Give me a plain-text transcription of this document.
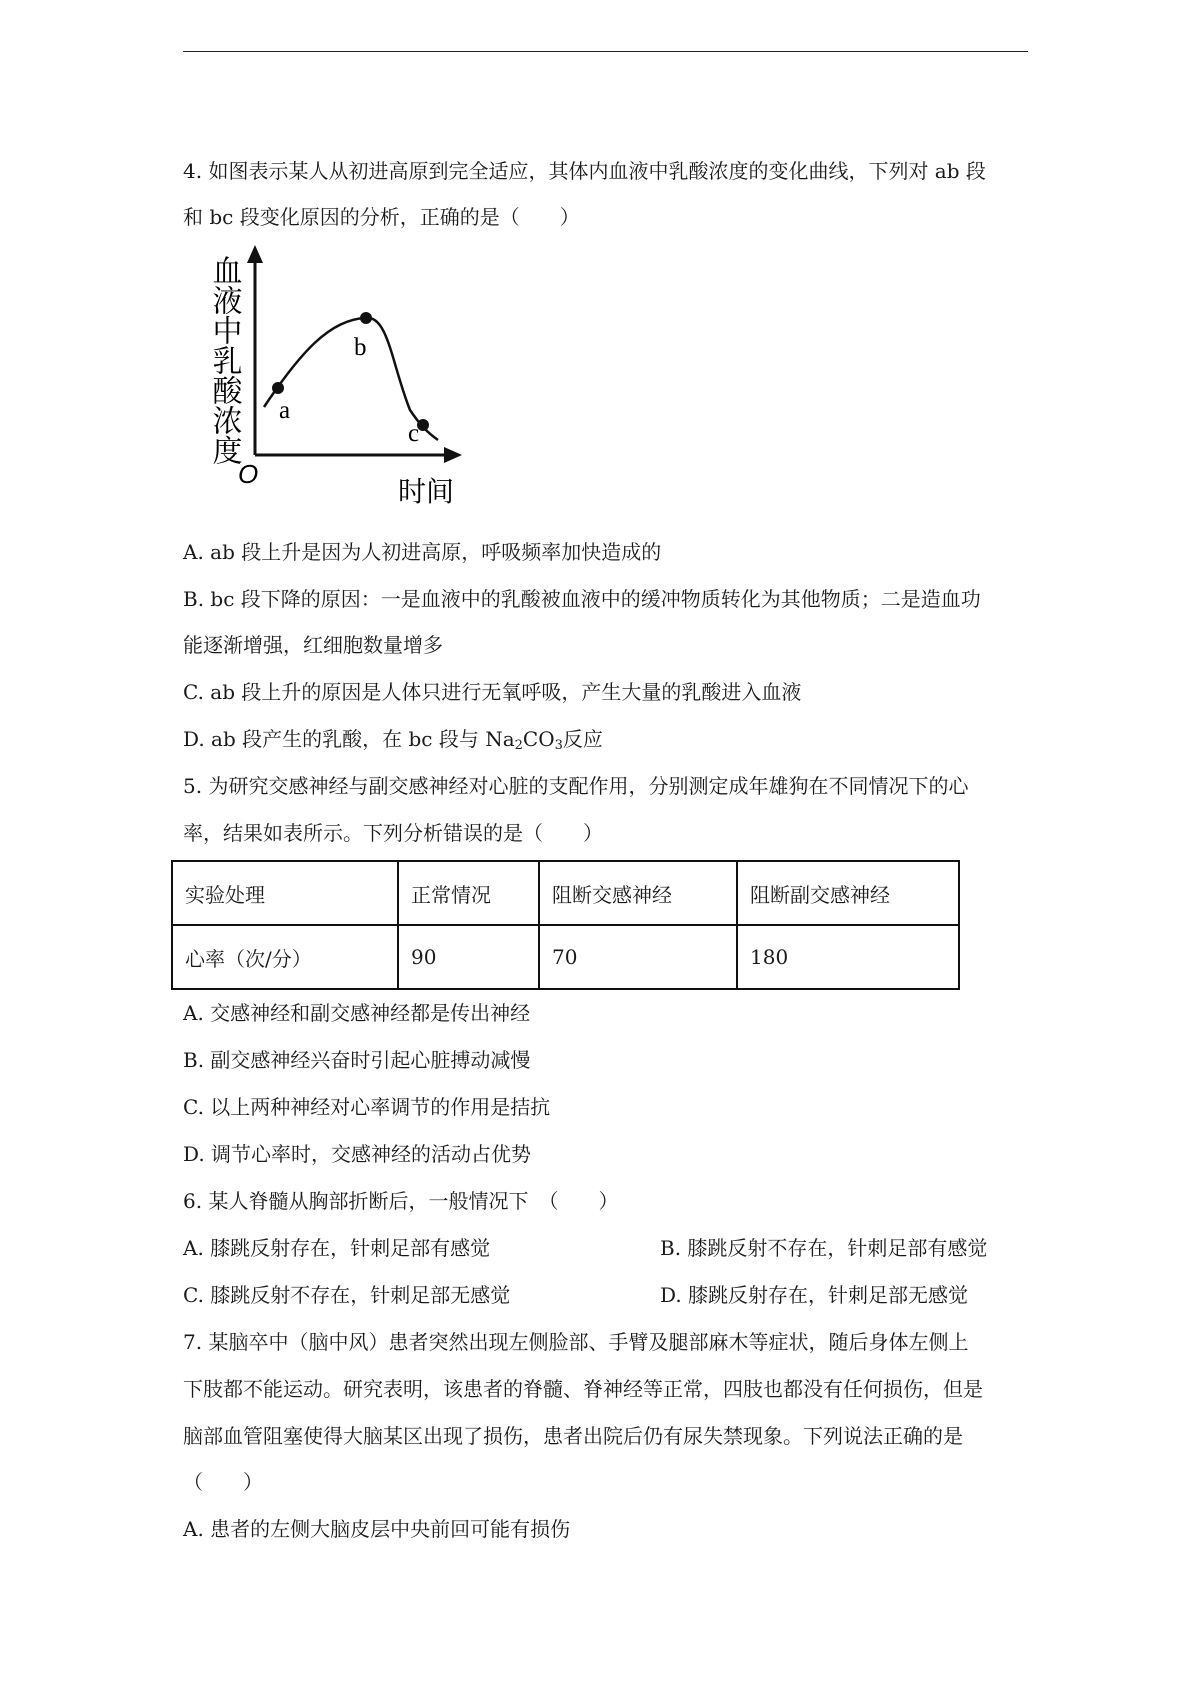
4. 如图表示某人从初进高原到完全适应，其体内血液中乳酸浓度的变化曲线，下列对 ab 段
和 bc 段变化原因的分析，正确的是（　　）
a
b
c
O
时间
血液中乳酸浓度
A. ab 段上升是因为人初进高原，呼吸频率加快造成的
B. bc 段下降的原因：一是血液中的乳酸被血液中的缓冲物质转化为其他物质；二是造血功
能逐渐增强，红细胞数量增多
C. ab 段上升的原因是人体只进行无氧呼吸，产生大量的乳酸进入血液
D. ab 段产生的乳酸，在 bc 段与 $Na_2CO_3$反应
5. 为研究交感神经与副交感神经对心脏的支配作用，分别测定成年雄狗在不同情况下的心
率，结果如表所示。下列分析错误的是（　　）
实验处理	正常情况	阻断交感神经	阻断副交感神经
心率（次/分）	90	70	180
A. 交感神经和副交感神经都是传出神经
B. 副交感神经兴奋时引起心脏搏动减慢
C. 以上两种神经对心率调节的作用是拮抗
D. 调节心率时，交感神经的活动占优势
6. 某人脊髓从胸部折断后，一般情况下　（　　）
A. 膝跳反射存在，针刺足部有感觉	B. 膝跳反射不存在，针刺足部有感觉
C. 膝跳反射不存在，针刺足部无感觉	D. 膝跳反射存在，针刺足部无感觉
7. 某脑卒中（脑中风）患者突然出现左侧脸部、手臂及腿部麻木等症状，随后身体左侧上
下肢都不能运动。研究表明，该患者的脊髓、脊神经等正常，四肢也都没有任何损伤，但是
脑部血管阻塞使得大脑某区出现了损伤，患者出院后仍有尿失禁现象。下列说法正确的是
（　　）
A. 患者的左侧大脑皮层中央前回可能有损伤
